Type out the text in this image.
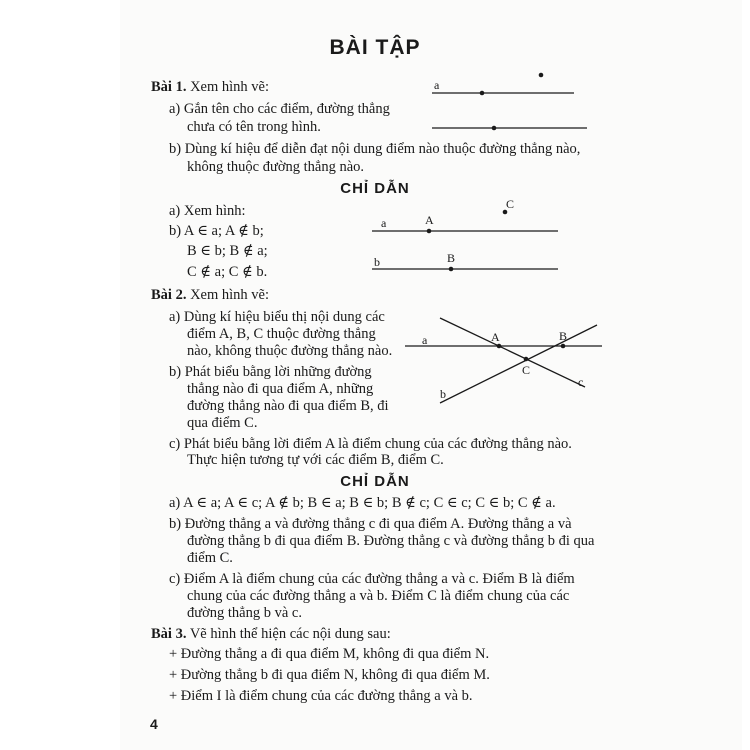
BÀI TẬP
Bài 1. Xem hình vẽ:
a) Gắn tên cho các điểm, đường thẳng
chưa có tên trong hình.
b) Dùng kí hiệu để diễn đạt nội dung điểm nào thuộc đường thẳng nào,
không thuộc đường thẳng nào.
a
a	A
C
b	B
a	A	B
C
c
b
CHỈ DẪN
a) Xem hình:
b) A ∈ a; A ∉ b;
B ∈ b; B ∉ a;
C ∉ a; C ∉ b.
Bài 2. Xem hình vẽ:
a) Dùng kí hiệu biểu thị nội dung các
điểm A, B, C thuộc đường thẳng
nào, không thuộc đường thẳng nào.
b) Phát biểu bằng lời những đường
thẳng nào đi qua điểm A, những
đường thẳng nào đi qua điểm B, đi
qua điểm C.
c) Phát biểu bằng lời điểm A là điểm chung của các đường thẳng nào.
Thực hiện tương tự với các điểm B, điểm C.
CHỈ DẪN
a) A ∈ a; A ∈ c; A ∉ b; B ∈ a; B ∈ b; B ∉ c; C ∈ c; C ∈ b; C ∉ a.
b) Đường thẳng a và đường thẳng c đi qua điểm A. Đường thẳng a và
đường thẳng b đi qua điểm B. Đường thẳng c và đường thẳng b đi qua
điểm C.
c) Điểm A là điểm chung của các đường thẳng a và c. Điểm B là điểm
chung của các đường thẳng a và b. Điểm C là điểm chung của các
đường thẳng b và c.
Bài 3. Vẽ hình thể hiện các nội dung sau:
+ Đường thẳng a đi qua điểm M, không đi qua điểm N.
+ Đường thẳng b đi qua điểm N, không đi qua điểm M.
+ Điểm I là điểm chung của các đường thẳng a và b.
4
